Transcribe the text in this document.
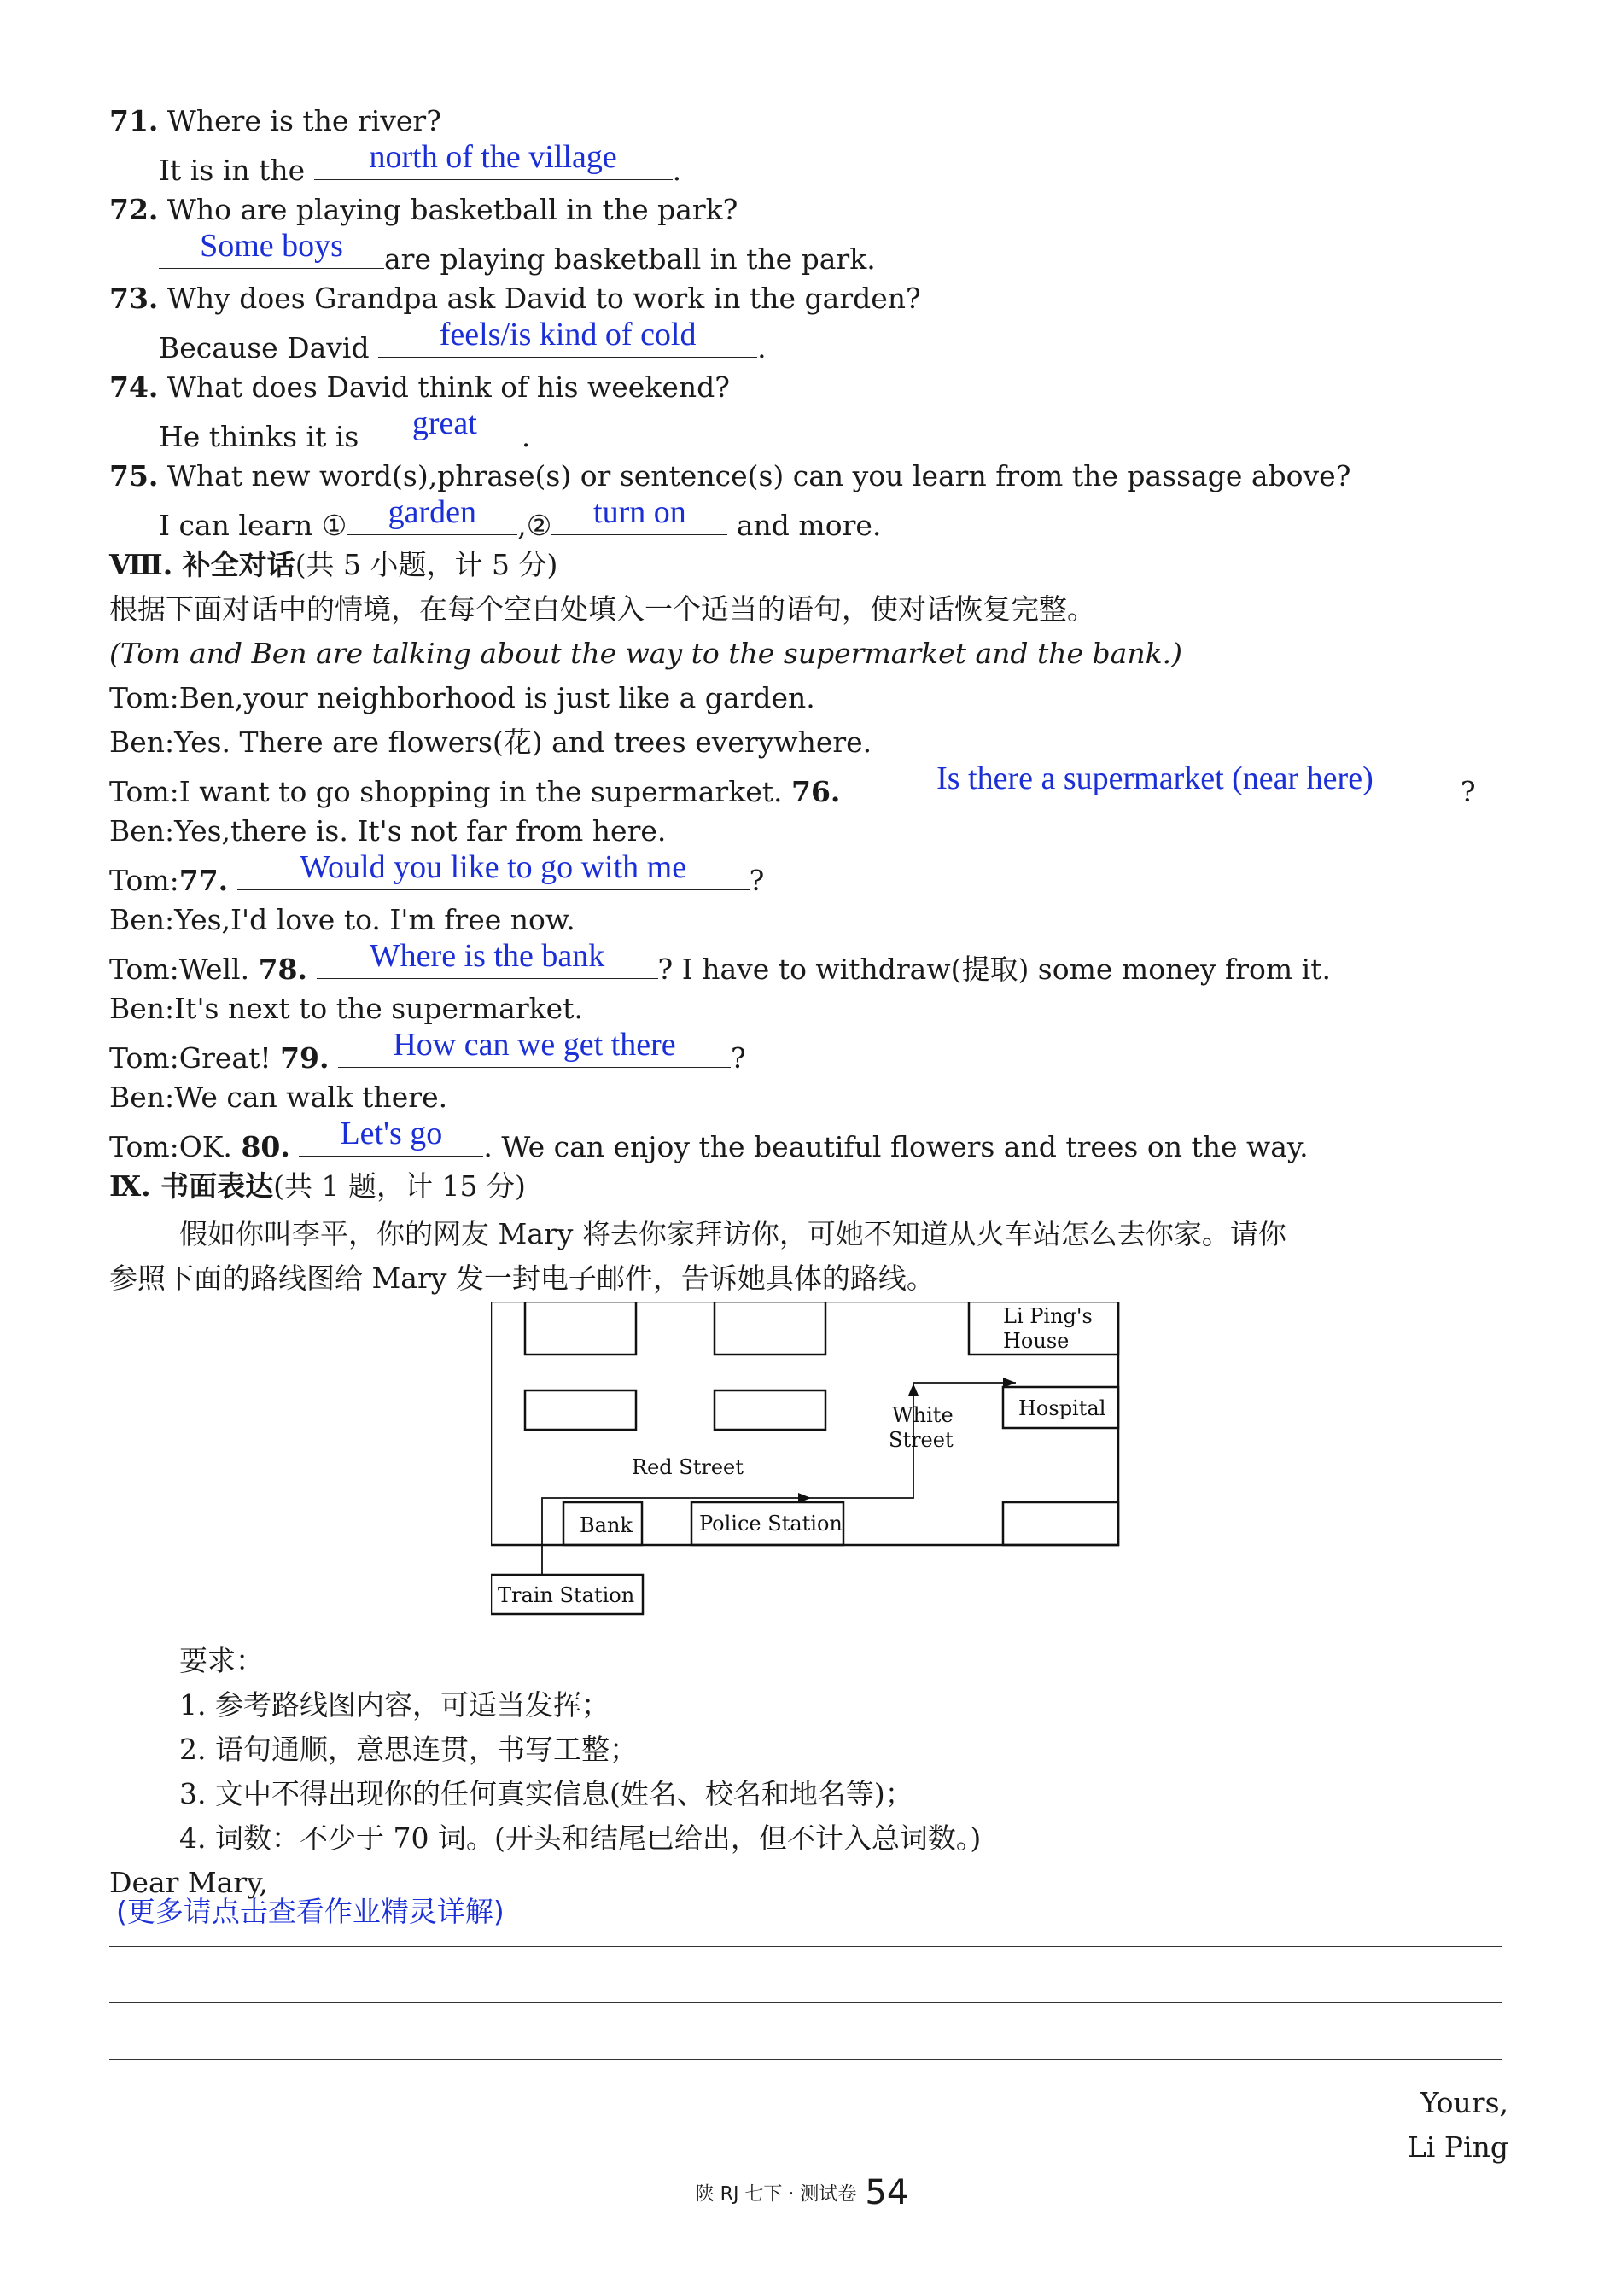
71. Where is the river?
It is in the	north of the village	.
72. Who are playing basketball in the park?
Some boys	are playing basketball in the park.
73. Why does Grandpa ask David to work in the garden?
Because David	feels/is kind of cold	.
74. What does David think of his weekend?
He thinks it is	great	.
75. What new word(s),phrase(s) or sentence(s) can you learn from the passage above?
I can learn ①	garden	,②	turn on	and more.
Ⅷ. 补全对话(共 5 小题，计 5 分)
根据下面对话中的情境，在每个空白处填入一个适当的语句，使对话恢复完整。
(Tom and Ben are talking about the way to the supermarket and the bank.)
Tom:Ben,your neighborhood is just like a garden.
Ben:Yes. There are flowers(花) and trees everywhere.
Tom:I want to go shopping in the supermarket. 76.	Is there a supermarket (near here)	?
Ben:Yes,there is. It's not far from here.
Tom:77.	Would you like to go with me	?
Ben:Yes,I'd love to. I'm free now.
Tom:Well. 78.	Where is the bank	? I have to withdraw(提取) some money from it.
Ben:It's next to the supermarket.
Tom:Great! 79.	How can we get there	?
Ben:We can walk there.
Tom:OK. 80.	Let's go	. We can enjoy the beautiful flowers and trees on the way.
Ⅸ. 书面表达(共 1 题，计 15 分)
假如你叫李平，你的网友 Mary 将去你家拜访你，可她不知道从火车站怎么去你家。请你
参照下面的路线图给 Mary 发一封电子邮件，告诉她具体的路线。
Li Ping's
House
Hospital
White
Street
Red Street
Bank	Police Station
Train Station
要求：
1. 参考路线图内容，可适当发挥；
2. 语句通顺，意思连贯，书写工整；
3. 文中不得出现你的任何真实信息(姓名、校名和地名等)；
4. 词数：不少于 70 词。(开头和结尾已给出，但不计入总词数。)
Dear Mary,
(更多请点击查看作业精灵详解)
Yours,
Li Ping
陕 RJ 七下 · 测试卷 54
